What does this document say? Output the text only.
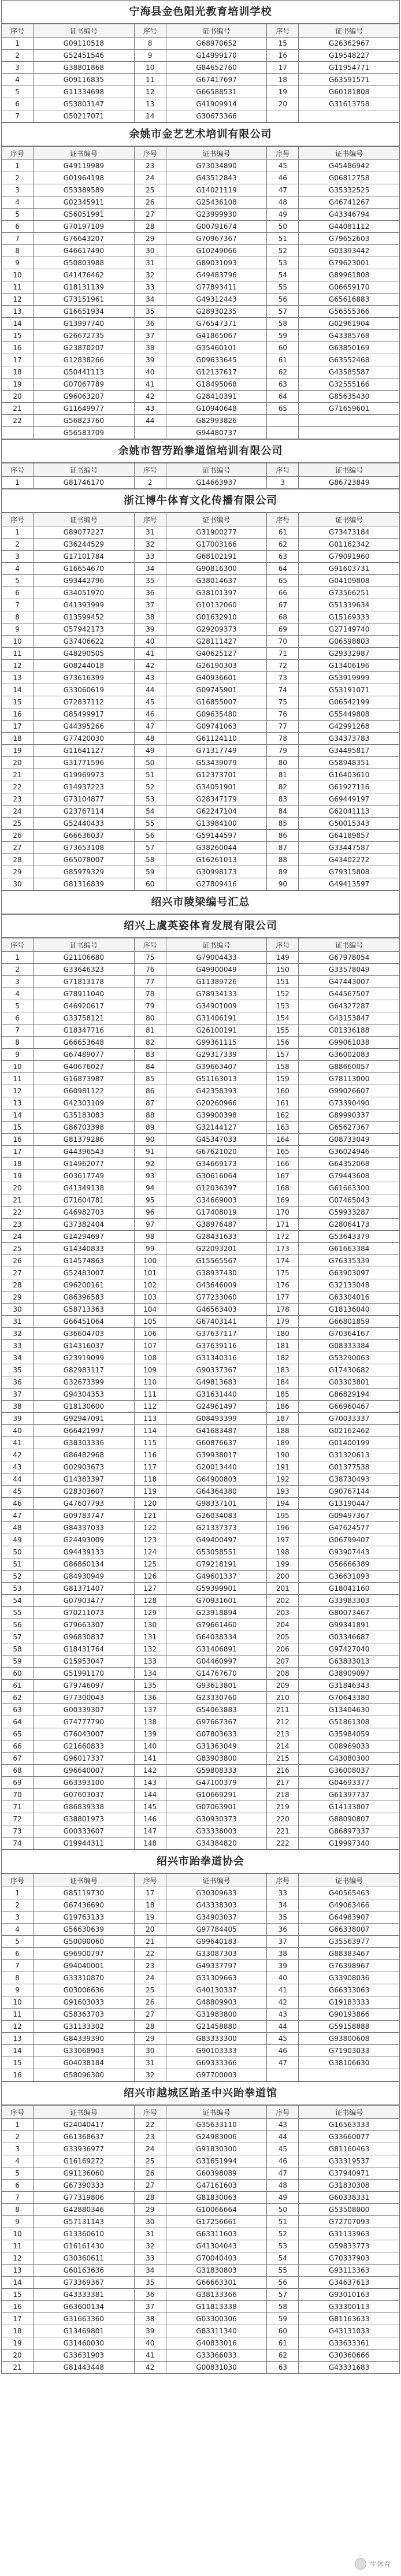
宁海县金色阳光教育培训学校
序号	证书编号	序号	证书编号	序号	证书编号
1	G09110518	8	G68970652	15	G26362967
2	G52451546	9	G14999170	16	G19548227
3	G38801868	10	G84652760	17	G11954771
4	G09116835	11	G67417697	18	G63591571
5	G11334698	12	G66588531	19	G60181808
6	G53803147	13	G41909914	20	G31613758
7	G50217071	14	G30673366		
余姚市金艺艺术培训有限公司
序号	证书编号	序号	证书编号	序号	证书编号
1	G49119989	23	G73034890	45	G45486942
2	G01964198	24	G43512843	46	G06812758
3	G53389589	25	G14021119	47	G35332525
4	G02345911	26	G25436108	48	G46741267
5	G56051991	27	G23999930	49	G43346794
6	G70197109	28	G00791674	50	G44081112
7	G76643207	29	G70967367	51	G79652603
8	G46617490	30	G10249066	52	G03393442
9	G50803988	31	G89031093	53	G79623001
10	G41476462	32	G49483796	54	G89961808
11	G18131139	33	G77893411	55	G06659170
12	G73151961	34	G49312443	56	G65616883
13	G16651934	35	G28930235	57	G56555366
14	G13997740	36	G76547371	58	G02961904
15	G26672735	37	G41865067	59	G43385768
16	G23870207	38	G35460101	60	G63850169
17	G12838266	39	G09633645	61	G63552468
18	G50441113	40	G12137617	62	G43585587
19	G07067789	41	G18495068	63	G32555166
20	G96063207	42	G28410391	64	G85635430
21	G11649977	43	G10940648	65	G71659601
22	G56823760	44	G82993826		
	G56583709		G94480737		
余姚市智劳跆拳道馆培训有限公司
序号	证书编号	序号	证书编号	序号	证书编号
1	G81746170	2	G14663937	3	G86723849
浙江博牛体育文化传播有限公司
序号	证书编号	序号	证书编号	序号	证书编号
1	G89077227	31	G31900277	61	G73473184
2	G36244529	32	G17003166	62	G01162342
3	G17101784	33	G68102191	63	G79091960
4	G16654670	34	G90816300	64	G91603731
5	G93442796	35	G38014637	65	G04109808
6	G34051970	36	G38101397	66	G73566251
7	G41393999	37	G10132060	67	G51339634
8	G13599452	38	G01632910	68	G15169333
9	G57942173	39	G29209373	69	G27149740
10	G37406622	40	G28111427	70	G06598803
11	G48290505	41	G40625127	71	G29332987
12	G08244018	42	G26190303	72	G13406196
13	G73616399	43	G40936601	73	G53919999
14	G33060619	44	G09745901	74	G53191071
15	G72837112	45	G16855007	75	G06542199
16	G85499917	46	G09635480	76	G55449808
17	G44395266	47	G09741063	77	G42991268
18	G77420030	48	G61124110	78	G34373783
19	G11641127	49	G71317749	79	G34495817
20	G31771596	50	G53439079	80	G58948351
21	G19969973	51	G12373701	81	G16403610
22	G14937223	52	G34051901	82	G61927116
23	G73104877	53	G28347179	83	G69449197
24	G23767114	54	G62247104	84	G62041113
25	G52440433	55	G13984100	85	G50015343
26	G66636037	56	G59144597	86	G64189857
27	G73653108	57	G38260044	87	G33447587
28	G65078007	58	G16261013	88	G43402272
29	G85979329	59	G30998173	89	G79315808
30	G81316839	60	G27809416	90	G49413597
绍兴市陵梁编号汇总
绍兴上虞英姿体育发展有限公司
序号	证书编号	序号	证书编号	序号	证书编号
1	G21106680	75	G79004433	149	G67978054
2	G33646323	76	G49900049	150	G33578049
3	G71813178	77	G11389726	151	G47443007
4	G78911040	78	G78934133	152	G44567507
5	G46920617	79	G34901009	153	G64327287
6	G33758121	80	G31406191	154	G43153847
7	G18347716	81	G26100191	155	G01336188
8	G66653648	82	G99361115	156	G99061038
9	G67489077	83	G29317339	157	G36002083
10	G40676027	84	G39663407	158	G88660057
11	G16873987	85	G51163013	159	G78113000
12	G60981122	86	G42358393	160	G99026607
13	G42303109	87	G20260966	161	G73390490
14	G35183083	88	G39900398	162	G89990337
15	G86703398	89	G32144127	163	G65627367
16	G81379286	90	G45347033	164	G08733049
17	G44396543	91	G67621020	165	G36024946
18	G14962077	92	G34669173	166	G64352068
19	G03617749	93	G30616064	167	G79443608
20	G41349138	94	G12036397	168	G61663300
21	G71604781	95	G34669003	169	G07465043
22	G46982703	96	G17408019	170	G59933287
23	G37382404	97	G38976487	171	G28064173
24	G14294697	98	G28431633	172	G53643379
25	G14340833	99	G22093201	173	G61663384
26	G14574863	100	G15565567	174	G76335339
27	G52483007	101	G38937430	175	G63903097
28	G96200161	102	G43646009	176	G32133048
29	G86396583	103	G77233060	177	G63304016
30	G58713363	104	G46563403	178	G18136040
31	G66451064	105	G67403141	179	G66801859
32	G36604703	106	G37637117	180	G70364167
33	G14316037	107	G37639116	181	G08333384
34	G23919099	108	G31340316	182	G53290063
35	G82983117	109	G90337367	183	G17430682
36	G32673399	110	G49813683	184	G03303801
37	G94304353	111	G31631440	185	G86829194
38	G18130600	112	G24961497	186	G66960467
39	G92947091	113	G08493399	187	G70033337
40	G66421997	114	G41683487	188	G02162462
41	G38303336	115	G60876637	189	G01400199
42	G86482968	116	G39938017	190	G31320613
43	G02903673	117	G20013440	191	G01377538
44	G14383397	118	G64900803	192	G38730493
45	G28303607	119	G64364380	193	G90767144
46	G47607793	120	G98337101	194	G13190447
47	G09783747	121	G26034083	195	G09497367
48	G84337033	122	G21337373	196	G47624577
49	G24493009	123	G49400497	197	G06799407
50	G94439133	124	G53058551	198	G93907443
51	G86860134	125	G79218191	199	G56666389
52	G84930949	126	G49601337	200	G36631093
53	G81371407	127	G59399901	201	G18041160
54	G07903477	128	G70931601	202	G33983303
55	G70211073	129	G23918894	203	G80073467
56	G79663307	130	G79661460	204	G99341891
57	G96830837	131	G64038334	205	G03346687
58	G18431764	132	G31406891	206	G97427040
59	G15953047	133	G04460997	207	G63833013
60	G51991170	134	G14767670	208	G38909097
61	G79746097	135	G93613801	209	G31846343
62	G77300043	136	G23330760	210	G70643380
63	G00339307	137	G54063883	211	G13404630
64	G74777790	138	G97667367	212	G51861308
65	G76043007	139	G07803633	213	G35984059
66	G21660833	140	G31363049	214	G08969033
67	G96017337	141	G83903800	215	G43080300
68	G96640007	142	G59808333	216	G36008037
69	G63393100	143	G47100379	217	G04693377
70	G07603037	144	G10669291	218	G61397737
71	G86839338	145	G07063901	219	G14133807
72	G38801973	146	G30930373	220	G88090807
73	G00333607	147	G33338003	221	G86897337
74	G19944311	148	G34384820	222	G19997340
绍兴市跆拳道协会
序号	证书编号	序号	证书编号	序号	证书编号
1	G85119730	17	G30309633	33	G40565463
2	G67436690	18	G43338303	34	G49063466
3	G19763133	19	G34903037	35	G64983907
4	G56630639	20	G97784405	36	G66338007
5	G50090060	21	G99640183	37	G35563977
6	G96900797	22	G33087303	38	G88383467
7	G94040001	23	G49337797	39	G76398967
8	G33310870	24	G31309663	40	G33908036
9	G03006636	25	G40130337	41	G66333063
10	G91603033	26	G48809903	42	G19183333
11	G58363703	27	G31983800	43	G90193866
12	G31133302	28	G21458880	44	G59158888
13	G84339390	29	G83333300	45	G93800608
14	G33068903	30	G90103333	46	G71903033
15	G04038184	31	G69333366	47	G38106630
16	G58096300	32	G97700003		
绍兴市越城区跆圣中兴跆拳道馆
序号	证书编号	序号	证书编号	序号	证书编号
1	G24040417	22	G35633110	43	G16563333
2	G61368637	23	G24983006	44	G33660077
3	G33936977	24	G91830300	45	G81160463
4	G16169272	25	G31651994	46	G33319537
5	G91136060	26	G60398089	47	G37940971
6	G67390333	27	G47161603	48	G31830308
7	G77319806	28	G81830063	49	G60338331
8	G42880346	29	G10066664	50	G53508000
9	G57131143	30	G17256661	51	G72707093
10	G13360610	31	G63311603	52	G31133963
11	G16161430	32	G41304043	53	G59833773
12	G30360611	33	G70040403	54	G70337903
13	G60163636	34	G31830803	55	G93113363
14	G73369367	35	G66663301	56	G34637613
15	G43333381	36	G38133366	57	G93010163
16	G63600134	37	G11813338	58	G33300113
17	G31663360	38	G03300306	59	G81163633
18	G13469801	39	G83311340	60	G43131033
19	G31460030	40	G40833016	61	G33633361
20	G33631903	41	G33366033	62	G30360666
21	G81443448	42	G00831030	63	G43331683
牛体育
